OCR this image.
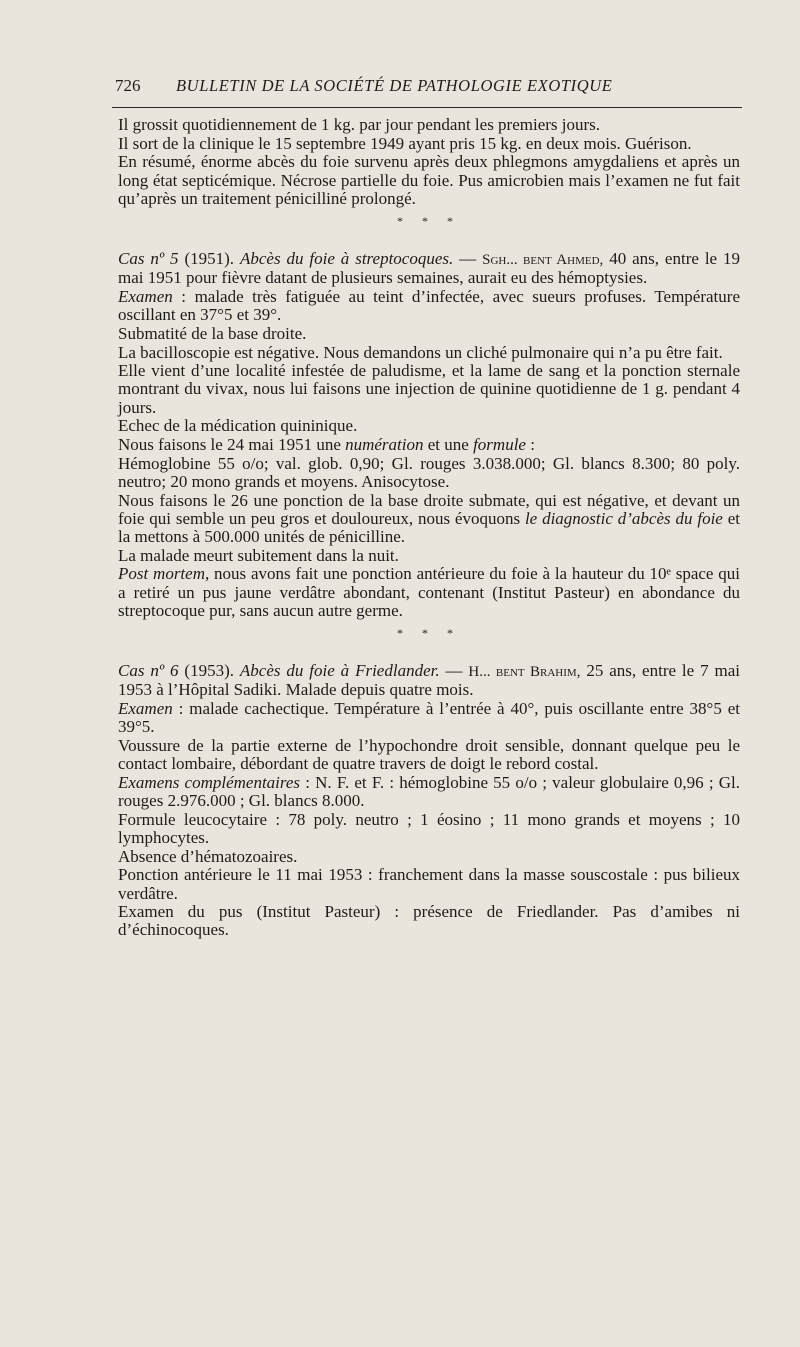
726 BULLETIN DE LA SOCIÉTÉ DE PATHOLOGIE EXOTIQUE

Il grossit quotidiennement de 1 kg. par jour pendant les premiers jours.

Il sort de la clinique le 15 septembre 1949 ayant pris 15 kg. en deux mois. Guérison.

En résumé, énorme abcès du foie survenu après deux phlegmons amygdaliens et après un long état septicémique. Nécrose partielle du foie. Pus amicrobien mais l’examen ne fut fait qu’après un traitement pénicilliné prolongé.

* * *

Cas nº 5 (1951). Abcès du foie à streptocoques. — Sgh... bent Ahmed, 40 ans, entre le 19 mai 1951 pour fièvre datant de plusieurs semaines, aurait eu des hémoptysies.

Examen : malade très fatiguée au teint d’infectée, avec sueurs profuses. Température oscillant en 37°5 et 39°.

Submatité de la base droite.

La bacilloscopie est négative. Nous demandons un cliché pulmonaire qui n’a pu être fait.

Elle vient d’une localité infestée de paludisme, et la lame de sang et la ponction sternale montrant du vivax, nous lui faisons une injection de quinine quotidienne de 1 g. pendant 4 jours.

Echec de la médication quininique.

Nous faisons le 24 mai 1951 une numération et une formule :

Hémoglobine 55 o/o; val. glob. 0,90; Gl. rouges 3.038.000; Gl. blancs 8.300; 80 poly. neutro; 20 mono grands et moyens. Anisocytose.

Nous faisons le 26 une ponction de la base droite submate, qui est négative, et devant un foie qui semble un peu gros et douloureux, nous évoquons le diagnostic d’abcès du foie et la mettons à 500.000 unités de pénicilline.

La malade meurt subitement dans la nuit.

Post mortem, nous avons fait une ponction antérieure du foie à la hauteur du 10ᵉ space qui a retiré un pus jaune verdâtre abondant, contenant (Institut Pasteur) en abondance du streptocoque pur, sans aucun autre germe.

* * *

Cas nº 6 (1953). Abcès du foie à Friedlander. — H... bent Brahim, 25 ans, entre le 7 mai 1953 à l’Hôpital Sadiki. Malade depuis quatre mois.

Examen : malade cachectique. Température à l’entrée à 40°, puis oscillante entre 38°5 et 39°5.

Voussure de la partie externe de l’hypochondre droit sensible, donnant quelque peu le contact lombaire, débordant de quatre travers de doigt le rebord costal.

Examens complémentaires : N. F. et F. : hémoglobine 55 o/o ; valeur globulaire 0,96 ; Gl. rouges 2.976.000 ; Gl. blancs 8.000.

Formule leucocytaire : 78 poly. neutro ; 1 éosino ; 11 mono grands et moyens ; 10 lymphocytes.

Absence d’hématozoaires.

Ponction antérieure le 11 mai 1953 : franchement dans la masse souscostale : pus bilieux verdâtre.

Examen du pus (Institut Pasteur) : présence de Friedlander. Pas d’amibes ni d’échinocoques.
